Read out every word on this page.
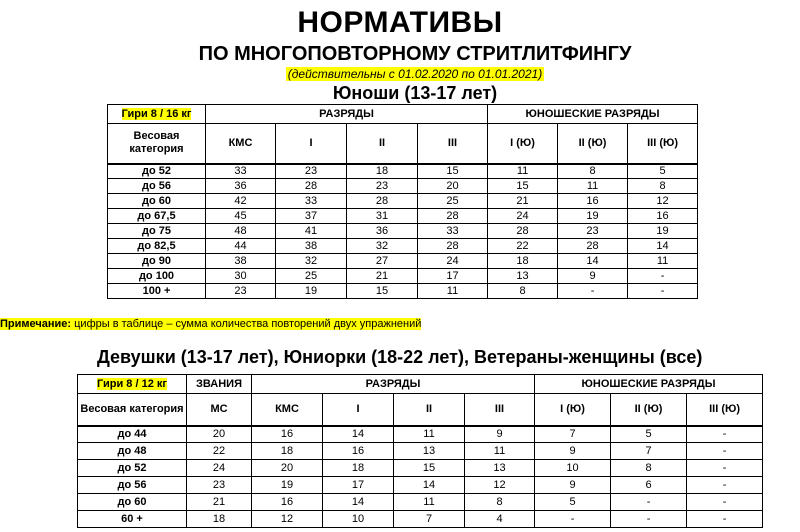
НОРМАТИВЫ
ПО МНОГОПОВТОРНОМУ СТРИТЛИТФИНГУ
(действительны с 01.02.2020 по 01.01.2021)
Юноши (13-17 лет)
Гири 8 / 16 кг	РАЗРЯДЫ				ЮНОШЕСКИЕ РАЗРЯДЫ		
Весовая категория	КМС	I	II	III	I (Ю)	II (Ю)	III (Ю)
до 52	33	23	18	15	11	8	5
до 56	36	28	23	20	15	11	8
до 60	42	33	28	25	21	16	12
до 67,5	45	37	31	28	24	19	16
до 75	48	41	36	33	28	23	19
до 82,5	44	38	32	28	22	28	14
до 90	38	32	27	24	18	14	11
до 100	30	25	21	17	13	9	-
100 +	23	19	15	11	8	-	-
Примечание: цифры в таблице – сумма количества повторений двух упражнений
Девушки (13-17 лет), Юниорки (18-22 лет), Ветераны-женщины (все)
Гири 8 / 12 кг	ЗВАНИЯ	РАЗРЯДЫ				ЮНОШЕСКИЕ РАЗРЯДЫ		
Весовая категория	МС	КМС	I	II	III	I (Ю)	II (Ю)	III (Ю)
до 44	20	16	14	11	9	7	5	-
до 48	22	18	16	13	11	9	7	-
до 52	24	20	18	15	13	10	8	-
до 56	23	19	17	14	12	9	6	-
до 60	21	16	14	11	8	5	-	-
60 +	18	12	10	7	4	-	-	-
